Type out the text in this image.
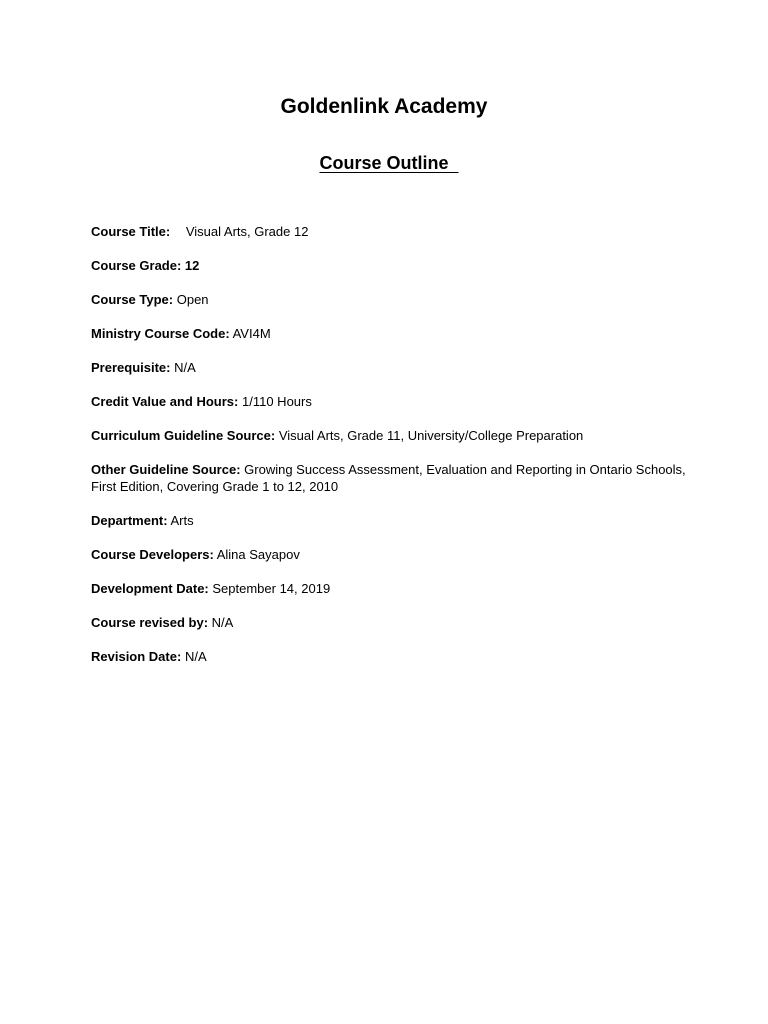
Goldenlink Academy
Course Outline

Course Title: Visual Arts, Grade 12

Course Grade: 12

Course Type: Open

Ministry Course Code: AVI4M

Prerequisite: N/A

Credit Value and Hours: 1/110 Hours

Curriculum Guideline Source: Visual Arts, Grade 11, University/College Preparation

Other Guideline Source: Growing Success Assessment, Evaluation and Reporting in Ontario Schools, First Edition, Covering Grade 1 to 12, 2010

Department: Arts

Course Developers: Alina Sayapov

Development Date: September 14, 2019

Course revised by: N/A

Revision Date: N/A
